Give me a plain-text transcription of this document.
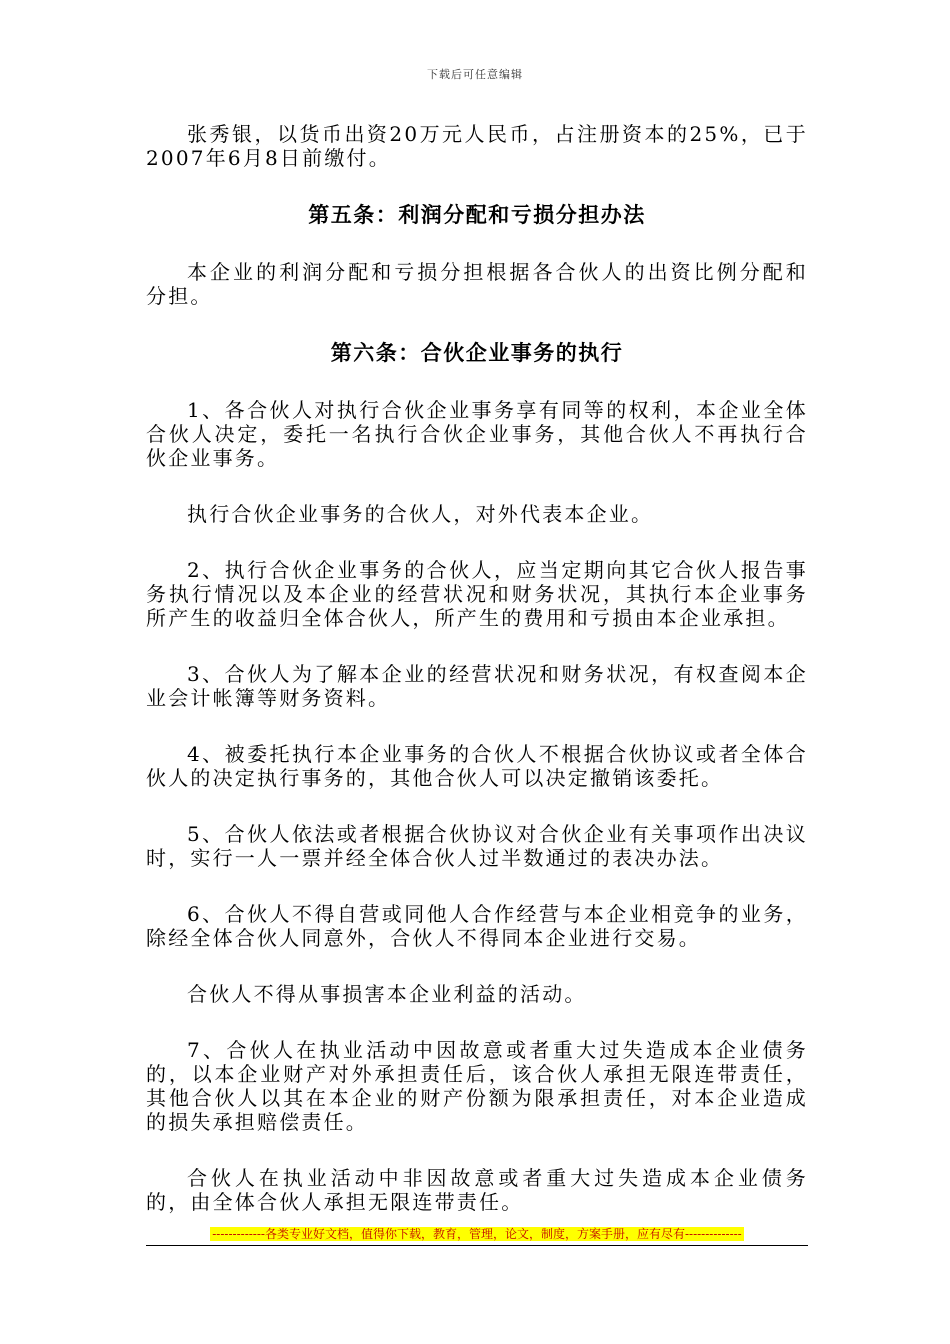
下载后可任意编辑

张秀银，以货币出资20万元人民币，占注册资本的25%，已于2007年6月8日前缴付。

第五条：利润分配和亏损分担办法

本企业的利润分配和亏损分担根据各合伙人的出资比例分配和分担。

第六条：合伙企业事务的执行

1、各合伙人对执行合伙企业事务享有同等的权利，本企业全体合伙人决定，委托一名执行合伙企业事务，其他合伙人不再执行合伙企业事务。

执行合伙企业事务的合伙人，对外代表本企业。

2、执行合伙企业事务的合伙人，应当定期向其它合伙人报告事务执行情况以及本企业的经营状况和财务状况，其执行本企业事务所产生的收益归全体合伙人，所产生的费用和亏损由本企业承担。

3、合伙人为了解本企业的经营状况和财务状况，有权查阅本企业会计帐簿等财务资料。

4、被委托执行本企业事务的合伙人不根据合伙协议或者全体合伙人的决定执行事务的，其他合伙人可以决定撤销该委托。

5、合伙人依法或者根据合伙协议对合伙企业有关事项作出决议时，实行一人一票并经全体合伙人过半数通过的表决办法。

6、合伙人不得自营或同他人合作经营与本企业相竞争的业务，除经全体合伙人同意外，合伙人不得同本企业进行交易。

合伙人不得从事损害本企业利益的活动。

7、合伙人在执业活动中因故意或者重大过失造成本企业债务的，以本企业财产对外承担责任后，该合伙人承担无限连带责任，其他合伙人以其在本企业的财产份额为限承担责任，对本企业造成的损失承担赔偿责任。

合伙人在执业活动中非因故意或者重大过失造成本企业债务的，由全体合伙人承担无限连带责任。

-------------各类专业好文档，值得你下载，教育，管理，论文，制度，方案手册，应有尽有--------------
